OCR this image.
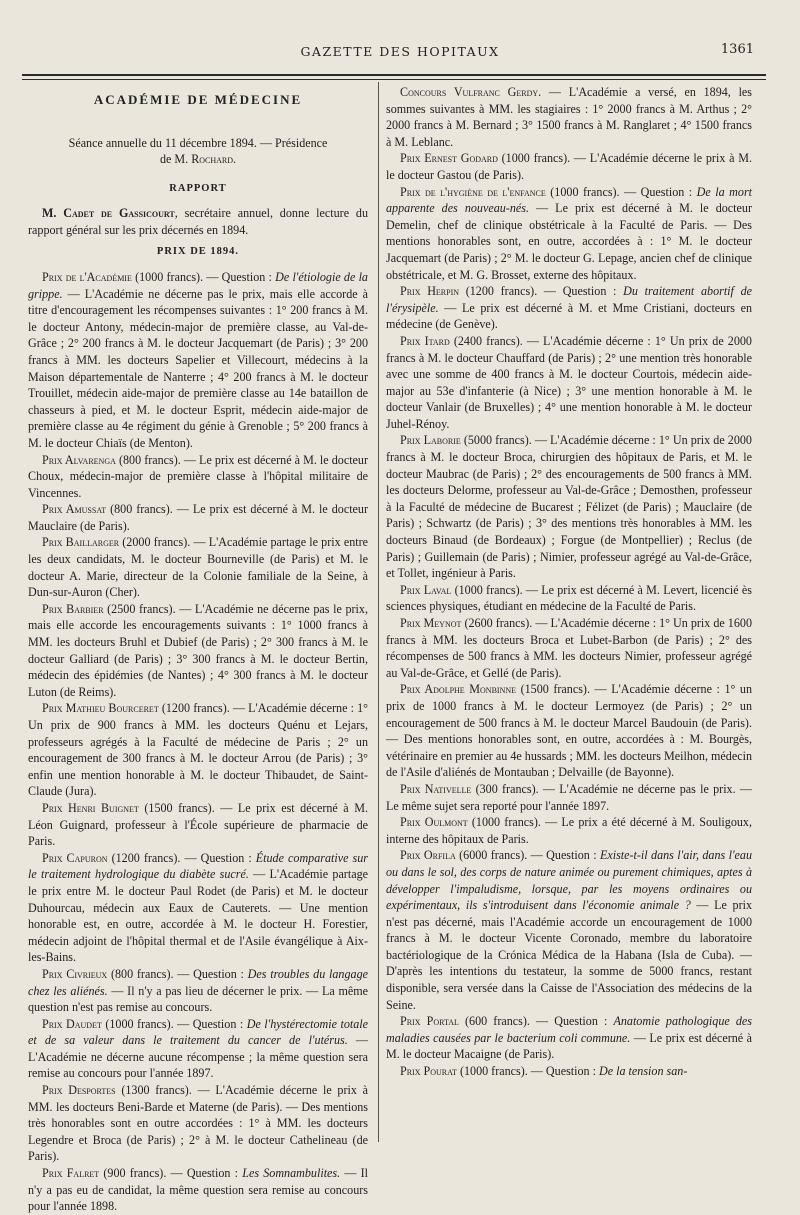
GAZETTE DES HOPITAUX	1361
ACADÉMIE DE MÉDECINE
Séance annuelle du 11 décembre 1894. — Présidence
de M. Rochard.
RAPPORT

M. Cadet de Gassicourt, secrétaire annuel, donne lecture du rapport général sur les prix décernés en 1894.

PRIX DE 1894.

Prix de l'Académie (1000 francs). — Question : De l'étiologie de la grippe. — L'Académie ne décerne pas le prix, mais elle accorde à titre d'encouragement les récompenses suivantes : 1° 200 francs à M. le docteur Antony, médecin-major de première classe, au Val-de-Grâce ; 2° 200 francs à M. le docteur Jacquemart (de Paris) ; 3° 200 francs à MM. les docteurs Sapelier et Villecourt, médecins à la Maison départementale de Nanterre ; 4° 200 francs à M. le docteur Trouillet, médecin aide-major de première classe au 14e bataillon de chasseurs à pied, et M. le docteur Esprit, médecin aide-major de première classe au 4e régiment du génie à Grenoble ; 5° 200 francs à M. le docteur Chiaïs (de Menton).

Prix Alvarenga (800 francs). — Le prix est décerné à M. le docteur Choux, médecin-major de première classe à l'hôpital militaire de Vincennes.

Prix Amussat (800 francs). — Le prix est décerné à M. le docteur Mauclaire (de Paris).

Prix Baillarger (2000 francs). — L'Académie partage le prix entre les deux candidats, M. le docteur Bourneville (de Paris) et M. le docteur A. Marie, directeur de la Colonie familiale de la Seine, à Dun-sur-Auron (Cher).

Prix Barbier (2500 francs). — L'Académie ne décerne pas le prix, mais elle accorde les encouragements suivants : 1° 1000 francs à MM. les docteurs Bruhl et Dubief (de Paris) ; 2° 300 francs à M. le docteur Galliard (de Paris) ; 3° 300 francs à M. le docteur Bertin, médecin des épidémies (de Nantes) ; 4° 300 francs à M. le docteur Luton (de Reims).

Prix Mathieu Bourceret (1200 francs). — L'Académie décerne : 1° Un prix de 900 francs à MM. les docteurs Quénu et Lejars, professeurs agrégés à la Faculté de médecine de Paris ; 2° un encouragement de 300 francs à M. le docteur Arrou (de Paris) ; 3° enfin une mention honorable à M. le docteur Thibaudet, de Saint-Claude (Jura).

Prix Henri Buignet (1500 francs). — Le prix est décerné à M. Léon Guignard, professeur à l'École supérieure de pharmacie de Paris.

Prix Capuron (1200 francs). — Question : Étude comparative sur le traitement hydrologique du diabète sucré. — L'Académie partage le prix entre M. le docteur Paul Rodet (de Paris) et M. le docteur Duhourcau, médecin aux Eaux de Cauterets. — Une mention honorable est, en outre, accordée à M. le docteur H. Forestier, médecin adjoint de l'hôpital thermal et de l'Asile évangélique à Aix-les-Bains.

Prix Civrieux (800 francs). — Question : Des troubles du langage chez les aliénés. — Il n'y a pas lieu de décerner le prix. — La même question n'est pas remise au concours.

Prix Daudet (1000 francs). — Question : De l'hystérectomie totale et de sa valeur dans le traitement du cancer de l'utérus. — L'Académie ne décerne aucune récompense ; la même question sera remise au concours pour l'année 1897.

Prix Desportes (1300 francs). — L'Académie décerne le prix à MM. les docteurs Beni-Barde et Materne (de Paris). — Des mentions très honorables sont en outre accordées : 1° à MM. les docteurs Legendre et Broca (de Paris) ; 2° à M. le docteur Cathelineau (de Paris).

Prix Falret (900 francs). — Question : Les Somnambulites. — Il n'y a pas eu de candidat, la même question sera remise au concours pour l'année 1898.

Concours Vulfranc Gerdy. — L'Académie a versé, en 1894, les sommes suivantes à MM. les stagiaires : 1° 2000 francs à M. Arthus ; 2° 2000 francs à M. Bernard ; 3° 1500 francs à M. Ranglaret ; 4° 1500 francs à M. Leblanc.

Prix Ernest Godard (1000 francs). — L'Académie décerne le prix à M. le docteur Gastou (de Paris).

Prix de l'hygiène de l'enfance (1000 francs). — Question : De la mort apparente des nouveau-nés. — Le prix est décerné à M. le docteur Demelin, chef de clinique obstétricale à la Faculté de Paris. — Des mentions honorables sont, en outre, accordées à : 1° M. le docteur Jacquemart (de Paris) ; 2° M. le docteur G. Lepage, ancien chef de clinique obstétricale, et M. G. Brosset, externe des hôpitaux.

Prix Herpin (1200 francs). — Question : Du traitement abortif de l'érysipèle. — Le prix est décerné à M. et Mme Cristiani, docteurs en médecine (de Genève).

Prix Itard (2400 francs). — L'Académie décerne : 1° Un prix de 2000 francs à M. le docteur Chauffard (de Paris) ; 2° une mention très honorable avec une somme de 400 francs à M. le docteur Courtois, médecin aide-major au 53e d'infanterie (à Nice) ; 3° une mention honorable à M. le docteur Vanlair (de Bruxelles) ; 4° une mention honorable à M. le docteur Juhel-Rénoy.

Prix Laborie (5000 francs). — L'Académie décerne : 1° Un prix de 2000 francs à M. le docteur Broca, chirurgien des hôpitaux de Paris, et M. le docteur Maubrac (de Paris) ; 2° des encouragements de 500 francs à MM. les docteurs Delorme, professeur au Val-de-Grâce ; Demosthen, professeur à la Faculté de médecine de Bucarest ; Félizet (de Paris) ; Mauclaire (de Paris) ; Schwartz (de Paris) ; 3° des mentions très honorables à MM. les docteurs Binaud (de Bordeaux) ; Forgue (de Montpellier) ; Reclus (de Paris) ; Guillemain (de Paris) ; Nimier, professeur agrégé au Val-de-Grâce, et Tollet, ingénieur à Paris.

Prix Laval (1000 francs). — Le prix est décerné à M. Levert, licencié ès sciences physiques, étudiant en médecine de la Faculté de Paris.

Prix Meynot (2600 francs). — L'Académie décerne : 1° Un prix de 1600 francs à MM. les docteurs Broca et Lubet-Barbon (de Paris) ; 2° des récompenses de 500 francs à MM. les docteurs Nimier, professeur agrégé au Val-de-Grâce, et Gellé (de Paris).

Prix Adolphe Monbinne (1500 francs). — L'Académie décerne : 1° un prix de 1000 francs à M. le docteur Lermoyez (de Paris) ; 2° un encouragement de 500 francs à M. le docteur Marcel Baudouin (de Paris). — Des mentions honorables sont, en outre, accordées à : M. Bourgès, vétérinaire en premier au 4e hussards ; MM. les docteurs Meilhon, médecin de l'Asile d'aliénés de Montauban ; Delvaille (de Bayonne).

Prix Nativelle (300 francs). — L'Académie ne décerne pas le prix. — Le même sujet sera reporté pour l'année 1897.

Prix Oulmont (1000 francs). — Le prix a été décerné à M. Souligoux, interne des hôpitaux de Paris.

Prix Orfila (6000 francs). — Question : Existe-t-il dans l'air, dans l'eau ou dans le sol, des corps de nature animée ou purement chimiques, aptes à développer l'impaludisme, lorsque, par les moyens ordinaires ou expérimentaux, ils s'introduisent dans l'économie animale ? — Le prix n'est pas décerné, mais l'Académie accorde un encouragement de 1000 francs à M. le docteur Vicente Coronado, membre du laboratoire bactériologique de la Crónica Médica de la Habana (Isla de Cuba). — D'après les intentions du testateur, la somme de 5000 francs, restant disponible, sera versée dans la Caisse de l'Association des médecins de la Seine.

Prix Portal (600 francs). — Question : Anatomie pathologique des maladies causées par le bacterium coli commune. — Le prix est décerné à M. le docteur Macaigne (de Paris).

Prix Pourat (1000 francs). — Question : De la tension san-
